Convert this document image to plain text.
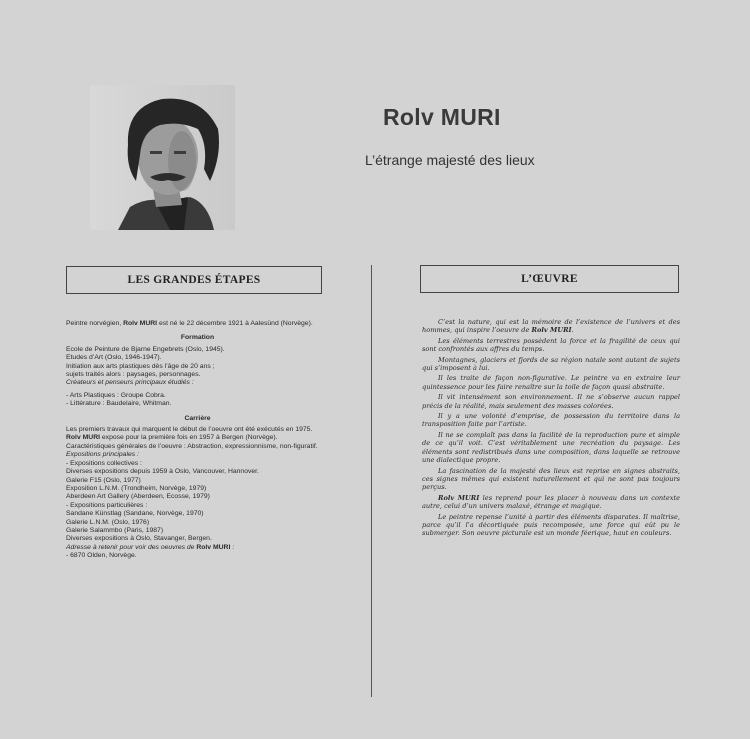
Rolv MURI
L’étrange majesté des lieux
LES GRANDES ÉTAPES	L’ŒUVRE

Peintre norvégien, Rolv MURI est né le 22 décembre 1921 à Aalesünd (Norvège).

Formation

Ecole de Peinture de Bjarne Engebrets (Oslo, 1945).

Etudes d’Art (Oslo, 1946-1947).

Initiation aux arts plastiques dès l’âge de 20 ans ;

sujets traités alors : paysages, personnages.

Créateurs et penseurs principaux étudiés :

- Arts Plastiques : Groupe Cobra.

- Littérature : Baudelaire, Whitman.

Carrière

Les premiers travaux qui marquent le début de l’oeuvre ont été exécutés en 1975.

Rolv MURI expose pour la première fois en 1957 à Bergen (Norvège).

Caractéristiques générales de l’oeuvre : Abstraction, expressionnisme, non-figuratif.

Expositions principales :

- Expositions collectives :

Diverses expositions depuis 1959 à Oslo, Vancouver, Hannover.

Galerie F15 (Oslo, 1977)

Exposition L.N.M. (Trondheim, Norvège, 1979)

Aberdeen Art Gallery (Aberdeen, Ecosse, 1979)

- Expositions particulières :

Sandane Künstlag (Sandane, Norvège, 1970)

Galerie L.N.M. (Oslo, 1976)

Galerie Salammbo (Paris, 1987)

Diverses expositions à Oslo, Stavanger, Bergen.

Adresse à retenir pour voir des oeuvres de Rolv MURI :

- 6870 Olden, Norvège.

C’est la nature, qui est la mémoire de l’existence de l’univers et des hommes, qui inspire l’oeuvre de Rolv MURI.

Les éléments terrestres possèdent la force et la fragilité de ceux qui sont confrontés aux affres du temps.

Montagnes, glaciers et fjords de sa région natale sont autant de sujets qui s’imposent à lui.

Il les traite de façon non-figurative. Le peintre va en extraire leur quintessence pour les faire renaître sur la toile de façon quasi abstraite.

Il vit intensément son environnement. Il ne s’observe aucun rappel précis de la réalité, mais seulement des masses colorées.

Il y a une volonté d’emprise, de possession du territoire dans la transposition faite par l’artiste.

Il ne se complaît pas dans la facilité de la reproduction pure et simple de ce qu’il voit. C’est véritablement une recréation du paysage. Les éléments sont redistribués dans une composition, dans laquelle se retrouve une dialectique propre.

La fascination de la majesté des lieux est reprise en signes abstraits, ces signes mêmes qui existent naturellement et qui ne sont pas toujours perçus.

Rolv MURI les reprend pour les placer à nouveau dans un contexte autre, celui d’un univers malaxé, étrange et magique.

Le peintre repense l’unité à partir des éléments disparates. Il maîtrise, parce qu’il l’a décortiquée puis recomposée, une force qui eût pu le submerger. Son oeuvre picturale est un monde féerique, haut en couleurs.
